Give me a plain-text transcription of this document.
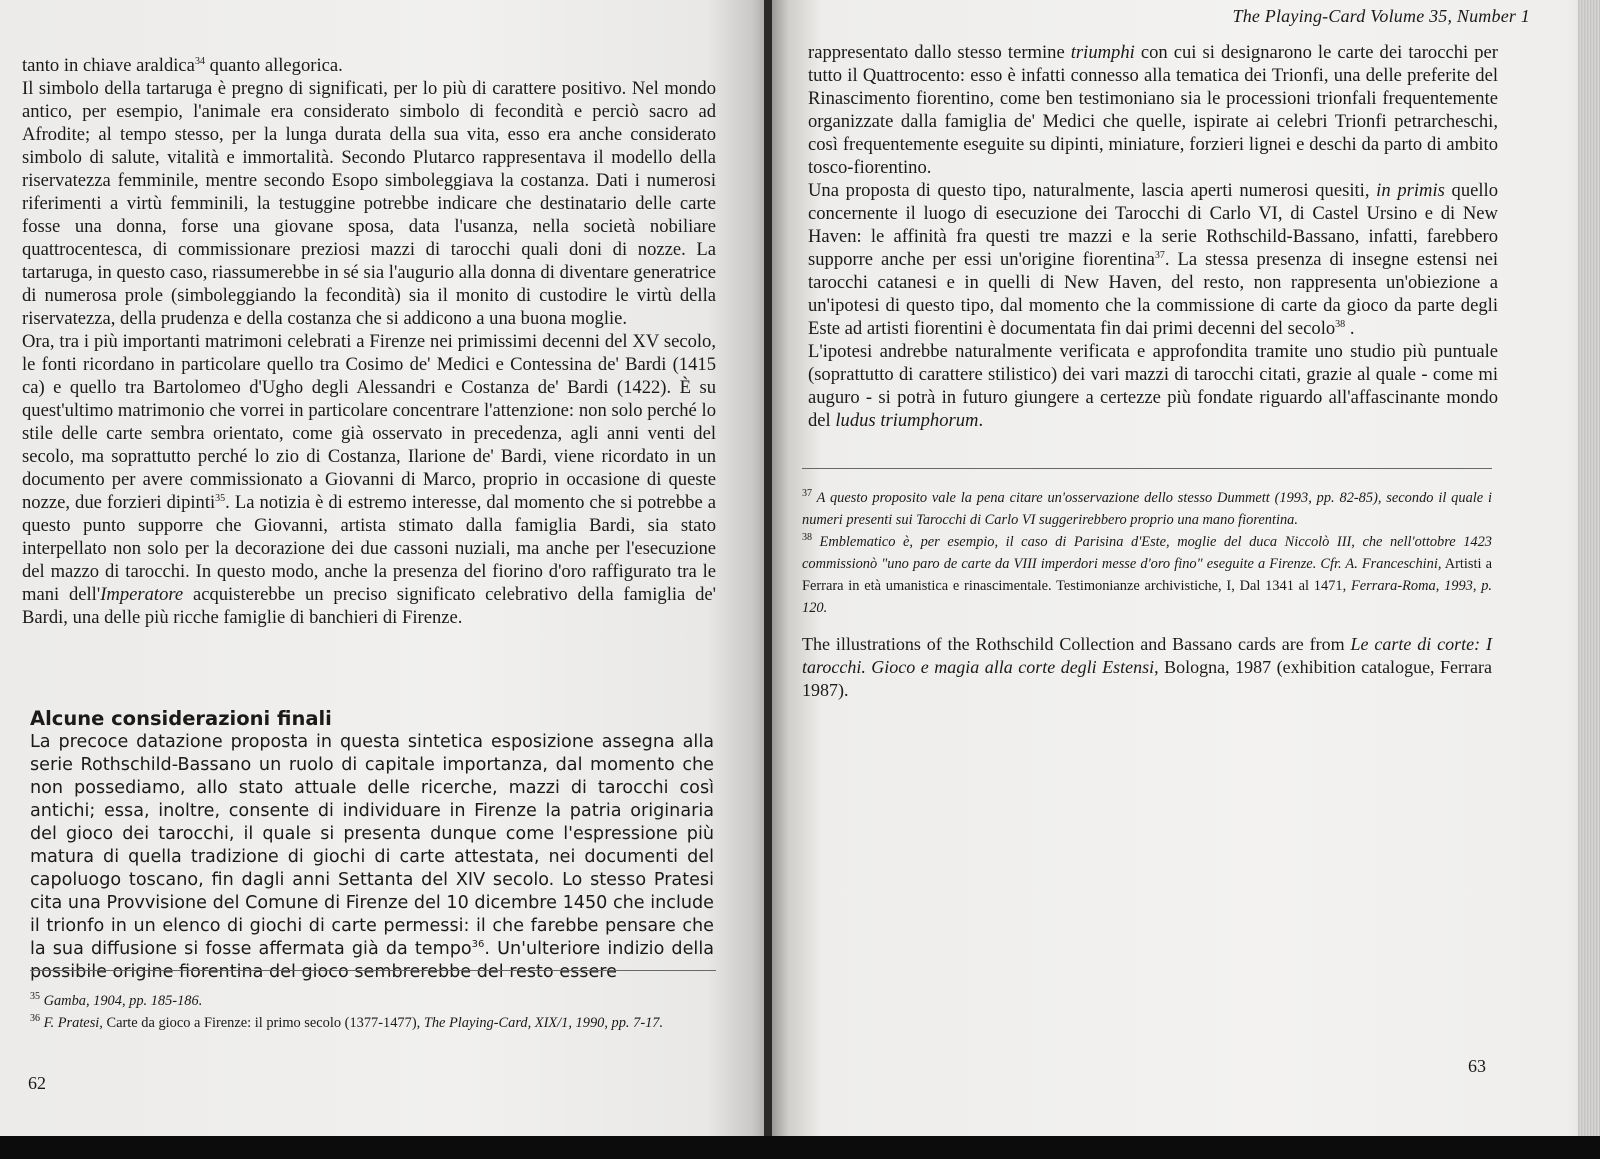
tanto in chiave araldica$^{34}$ quanto allegorica.

Il simbolo della tartaruga è pregno di significati, per lo più di carattere positivo. Nel mondo antico, per esempio, l'animale era considerato simbolo di fecondità e perciò sacro ad Afrodite; al tempo stesso, per la lunga durata della sua vita, esso era anche considerato simbolo di salute, vitalità e immortalità. Secondo Plutarco rappresentava il modello della riservatezza femminile, mentre secondo Esopo simboleggiava la costanza. Dati i numerosi riferimenti a virtù femminili, la testuggine potrebbe indicare che destinatario delle carte fosse una donna, forse una giovane sposa, data l'usanza, nella società nobiliare quattrocentesca, di commissionare preziosi mazzi di tarocchi quali doni di nozze. La tartaruga, in questo caso, riassumerebbe in sé sia l'augurio alla donna di diventare generatrice di numerosa prole (simboleggiando la fecondità) sia il monito di custodire le virtù della riservatezza, della prudenza e della costanza che si addicono a una buona moglie.

Ora, tra i più importanti matrimoni celebrati a Firenze nei primissimi decenni del XV secolo, le fonti ricordano in particolare quello tra Cosimo de' Medici e Contessina de' Bardi (1415 ca) e quello tra Bartolomeo d'Ugho degli Alessandri e Costanza de' Bardi (1422). È su quest'ultimo matrimonio che vorrei in particolare concentrare l'attenzione: non solo perché lo stile delle carte sembra orientato, come già osservato in precedenza, agli anni venti del secolo, ma soprattutto perché lo zio di Costanza, Ilarione de' Bardi, viene ricordato in un documento per avere commissionato a Giovanni di Marco, proprio in occasione di queste nozze, due forzieri dipinti$^{35}$. La notizia è di estremo interesse, dal momento che si potrebbe a questo punto supporre che Giovanni, artista stimato dalla famiglia Bardi, sia stato interpellato non solo per la decorazione dei due cassoni nuziali, ma anche per l'esecuzione del mazzo di tarocchi. In questo modo, anche la presenza del fiorino d'oro raffigurato tra le mani dell'Imperatore acquisterebbe un preciso significato celebrativo della famiglia de' Bardi, una delle più ricche famiglie di banchieri di Firenze.

Alcune considerazioni finali
La precoce datazione proposta in questa sintetica esposizione assegna alla serie Rothschild-Bassano un ruolo di capitale importanza, dal momento che non possediamo, allo stato attuale delle ricerche, mazzi di tarocchi così antichi; essa, inoltre, consente di individuare in Firenze la patria originaria del gioco dei tarocchi, il quale si presenta dunque come l'espressione più matura di quella tradizione di giochi di carte attestata, nei documenti del capoluogo toscano, fin dagli anni Settanta del XIV secolo. Lo stesso Pratesi cita una Provvisione del Comune di Firenze del 10 dicembre 1450 che include il trionfo in un elenco di giochi di carte permessi: il che farebbe pensare che la sua diffusione si fosse affermata già da tempo$^{36}$. Un'ulteriore indizio della possibile origine fiorentina del gioco sembrerebbe del resto essere

$^{35}$ Gamba, 1904, pp. 185-186.

$^{36}$ F. Pratesi, Carte da gioco a Firenze: il primo secolo (1377-1477), The Playing-Card, XIX/1, 1990, pp. 7-17.

62
The Playing-Card Volume 35, Number 1

rappresentato dallo stesso termine triumphi con cui si designarono le carte dei tarocchi per tutto il Quattrocento: esso è infatti connesso alla tematica dei Trionfi, una delle preferite del Rinascimento fiorentino, come ben testimoniano sia le processioni trionfali frequentemente organizzate dalla famiglia de' Medici che quelle, ispirate ai celebri Trionfi petrarcheschi, così frequentemente eseguite su dipinti, miniature, forzieri lignei e deschi da parto di ambito tosco-fiorentino.

Una proposta di questo tipo, naturalmente, lascia aperti numerosi quesiti, in primis quello concernente il luogo di esecuzione dei Tarocchi di Carlo VI, di Castel Ursino e di New Haven: le affinità fra questi tre mazzi e la serie Rothschild-Bassano, infatti, farebbero supporre anche per essi un'origine fiorentina$^{37}$. La stessa presenza di insegne estensi nei tarocchi catanesi e in quelli di New Haven, del resto, non rappresenta un'obiezione a un'ipotesi di questo tipo, dal momento che la commissione di carte da gioco da parte degli Este ad artisti fiorentini è documentata fin dai primi decenni del secolo$^{38}$ .

L'ipotesi andrebbe naturalmente verificata e approfondita tramite uno studio più puntuale (soprattutto di carattere stilistico) dei vari mazzi di tarocchi citati, grazie al quale - come mi auguro - si potrà in futuro giungere a certezze più fondate riguardo all'affascinante mondo del ludus triumphorum.

$^{37}$ A questo proposito vale la pena citare un'osservazione dello stesso Dummett (1993, pp. 82-85), secondo il quale i numeri presenti sui Tarocchi di Carlo VI suggerirebbero proprio una mano fiorentina.

$^{38}$ Emblematico è, per esempio, il caso di Parisina d'Este, moglie del duca Niccolò III, che nell'ottobre 1423 commissionò "uno paro de carte da VIII imperdori messe d'oro fino" eseguite a Firenze. Cfr. A. Franceschini, Artisti a Ferrara in età umanistica e rinascimentale. Testimonianze archivistiche, I, Dal 1341 al 1471, Ferrara-Roma, 1993, p. 120.

The illustrations of the Rothschild Collection and Bassano cards are from Le carte di corte: I tarocchi. Gioco e magia alla corte degli Estensi, Bologna, 1987 (exhibition catalogue, Ferrara 1987).
63
